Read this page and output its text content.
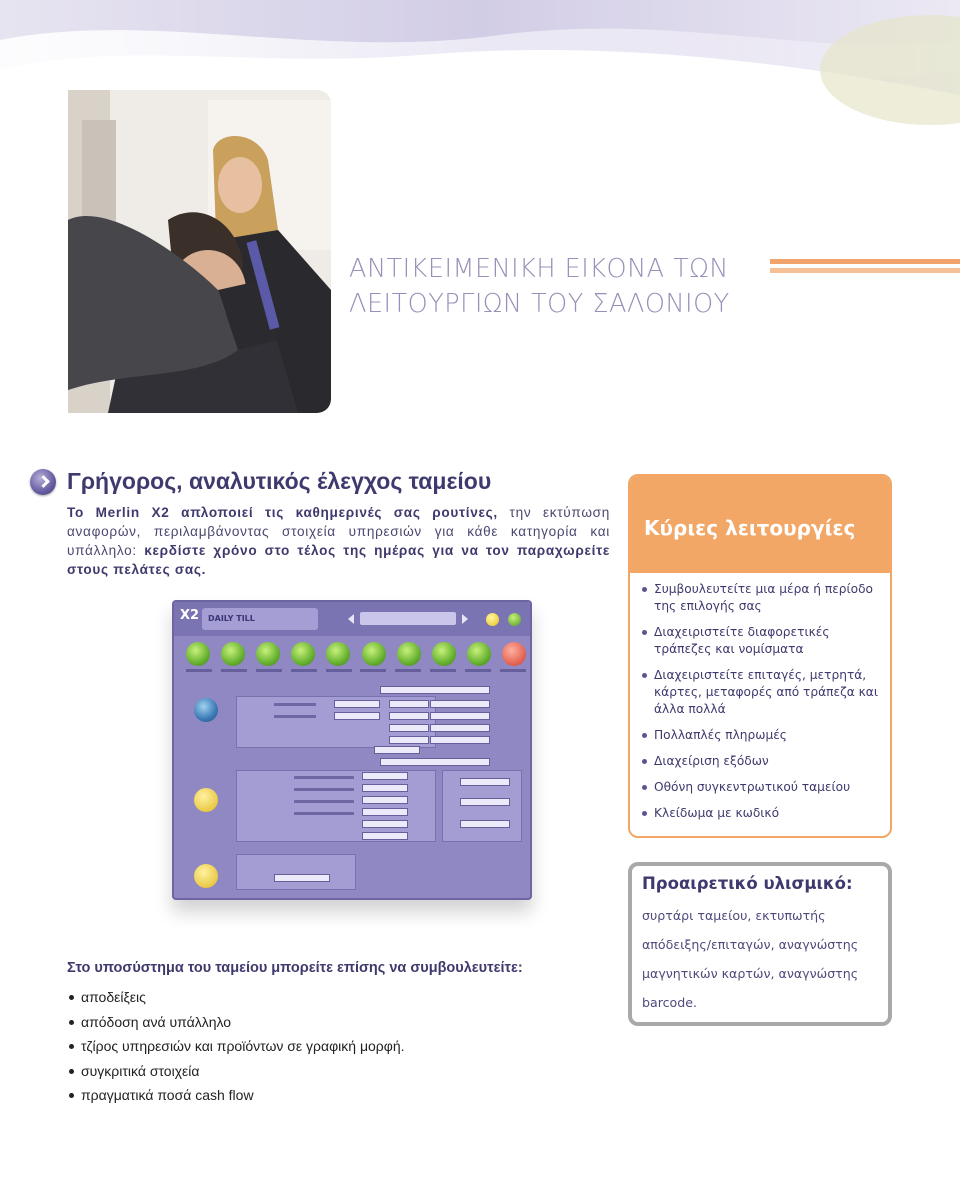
ΑΝΤΙΚΕΙΜΕΝΙΚΗ ΕΙΚΟΝΑ ΤΩΝ
ΛΕΙΤΟΥΡΓΙΩΝ ΤΟΥ ΣΑΛΟΝΙΟΥ
Γρήγορος, αναλυτικός έλεγχος ταμείου

Το Merlin X2 απλοποιεί τις καθημερινές σας ρουτίνες, την εκτύπωση αναφορών, περιλαμβάνοντας στοιχεία υπηρεσιών για κάθε κατηγορία και υπάλληλο: κερδίστε χρόνο στο τέλος της ημέρας για να τον παραχωρείτε στους πελάτες σας.

X2	DAILY TILL
Κύριες λειτουργίες
Συμβουλευτείτε μια μέρα ή περίοδο της επιλογής σας
Διαχειριστείτε διαφορετικές τράπεζες και νομίσματα
Διαχειριστείτε επιταγές, μετρητά, κάρτες, μεταφορές από τράπεζα και άλλα πολλά
Πολλαπλές πληρωμές
Διαχείριση εξόδων
Οθόνη συγκεντρωτικού ταμείου
Κλείδωμα με κωδικό
Προαιρετικό υλισμικό:
συρτάρι ταμείου, εκτυπωτής απόδειξης/επιταγών, αναγνώστης μαγνητικών καρτών, αναγνώστης barcode.
Στο υποσύστημα του ταμείου μπορείτε επίσης να συμβουλευτείτε:
αποδείξεις
απόδοση ανά υπάλληλο
τζίρος υπηρεσιών και προϊόντων σε γραφική μορφή.
συγκριτικά στοιχεία
πραγματικά ποσά cash flow
